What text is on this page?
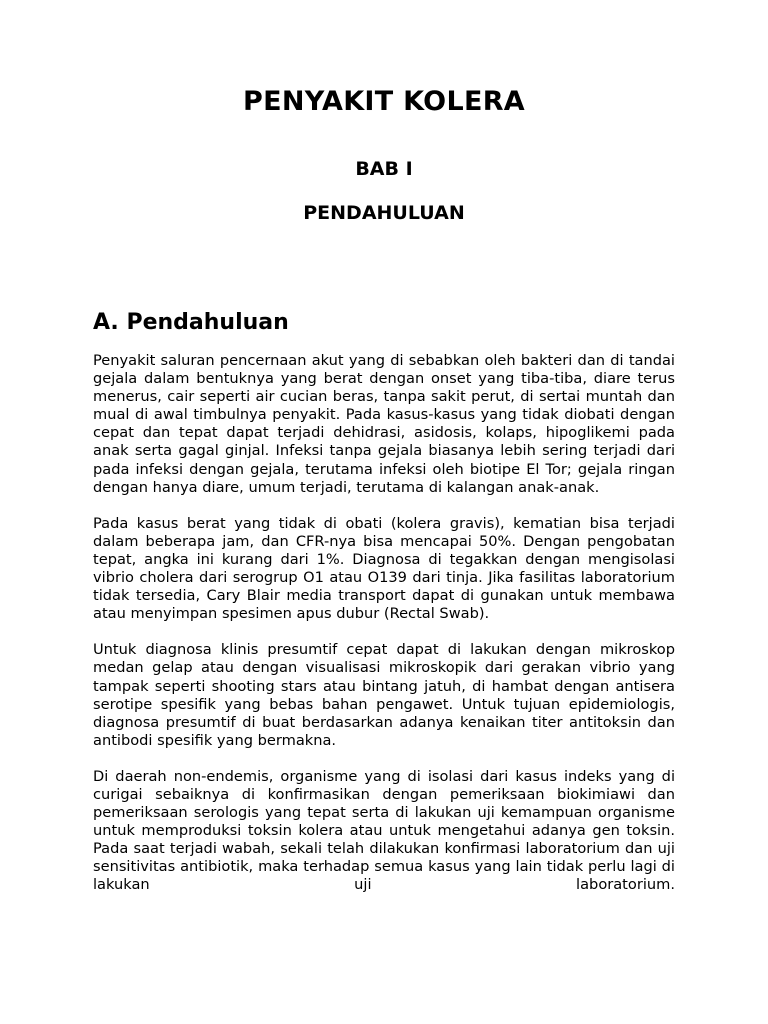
PENYAKIT KOLERA
BAB I
PENDAHULUAN
A. Pendahuluan

Penyakit saluran pencernaan akut yang di sebabkan oleh bakteri dan di tandai gejala dalam bentuknya yang berat dengan onset yang tiba-tiba, diare terus menerus, cair seperti air cucian beras, tanpa sakit perut, di sertai muntah dan mual di awal timbulnya penyakit. Pada kasus-kasus yang tidak diobati dengan cepat dan tepat dapat terjadi dehidrasi, asidosis, kolaps, hipoglikemi pada anak serta gagal ginjal. Infeksi tanpa gejala biasanya lebih sering terjadi dari pada infeksi dengan gejala, terutama infeksi oleh biotipe El Tor; gejala ringan dengan hanya diare, umum terjadi, terutama di kalangan anak-anak.

Pada kasus berat yang tidak di obati (kolera gravis), kematian bisa terjadi dalam beberapa jam, dan CFR-nya bisa mencapai 50%. Dengan pengobatan tepat, angka ini kurang dari 1%. Diagnosa di tegakkan dengan mengisolasi vibrio cholera dari serogrup O1 atau O139 dari tinja. Jika fasilitas laboratorium tidak tersedia, Cary Blair media transport dapat di gunakan untuk membawa atau menyimpan spesimen apus dubur (Rectal Swab).

Untuk diagnosa klinis presumtif cepat dapat di lakukan dengan mikroskop medan gelap atau dengan visualisasi mikroskopik dari gerakan vibrio yang tampak seperti shooting stars atau bintang jatuh, di hambat dengan antisera serotipe spesifik yang bebas bahan pengawet. Untuk tujuan epidemiologis, diagnosa presumtif di buat berdasarkan adanya kenaikan titer antitoksin dan antibodi spesifik yang bermakna.

Di daerah non-endemis, organisme yang di isolasi dari kasus indeks yang di curigai sebaiknya di konfirmasikan dengan pemeriksaan biokimiawi dan pemeriksaan serologis yang tepat serta di lakukan uji kemampuan organisme untuk memproduksi toksin kolera atau untuk mengetahui adanya gen toksin. Pada saat terjadi wabah, sekali telah dilakukan konfirmasi laboratorium dan uji sensitivitas antibiotik, maka terhadap semua kasus yang lain tidak perlu lagi di lakukan uji laboratorium.
